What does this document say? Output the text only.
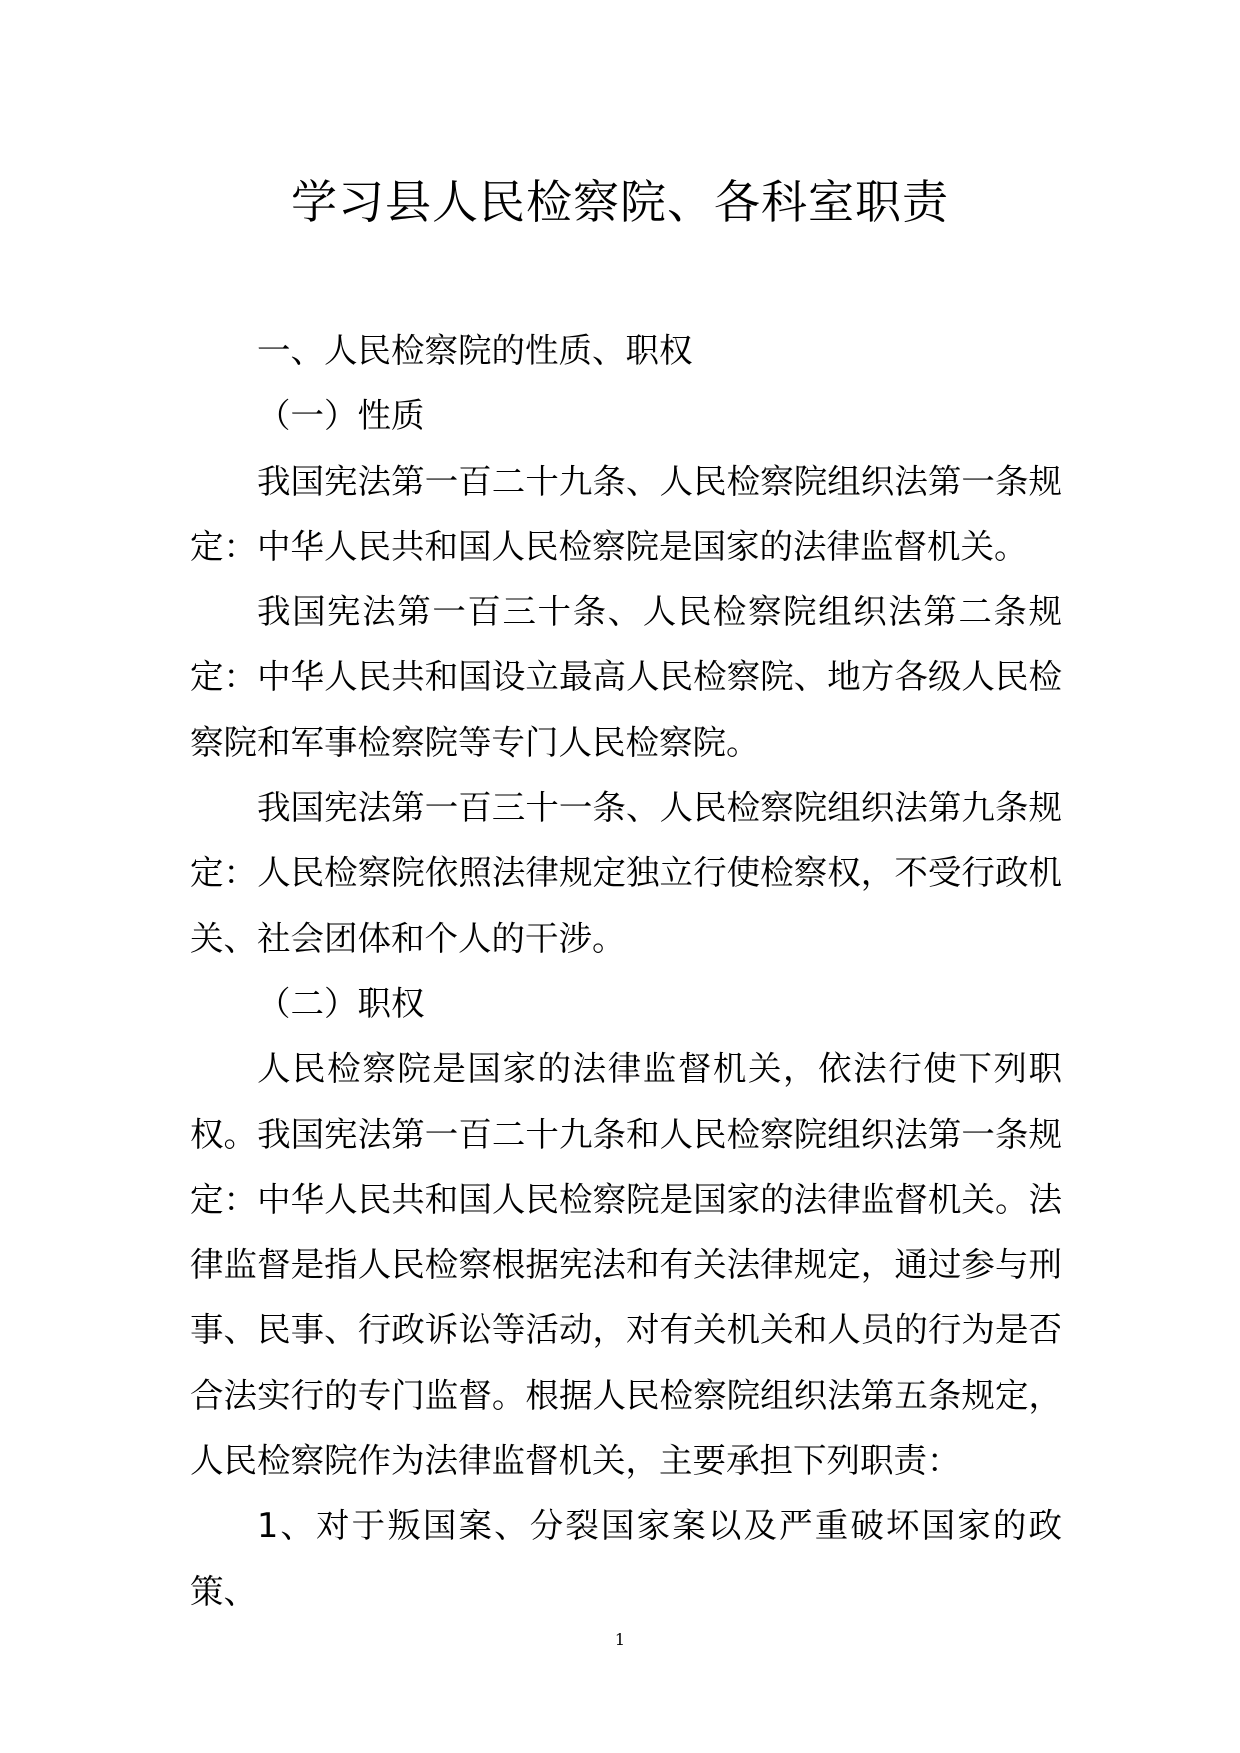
学习县人民检察院、各科室职责

一、人民检察院的性质、职权

（一）性质

我国宪法第一百二十九条、人民检察院组织法第一条规定：中华人民共和国人民检察院是国家的法律监督机关。

我国宪法第一百三十条、人民检察院组织法第二条规定：中华人民共和国设立最高人民检察院、地方各级人民检察院和军事检察院等专门人民检察院。

我国宪法第一百三十一条、人民检察院组织法第九条规定：人民检察院依照法律规定独立行使检察权，不受行政机关、社会团体和个人的干涉。

（二）职权

人民检察院是国家的法律监督机关，依法行使下列职权。我国宪法第一百二十九条和人民检察院组织法第一条规定：中华人民共和国人民检察院是国家的法律监督机关。法律监督是指人民检察根据宪法和有关法律规定，通过参与刑事、民事、行政诉讼等活动，对有关机关和人员的行为是否合法实行的专门监督。根据人民检察院组织法第五条规定，人民检察院作为法律监督机关，主要承担下列职责：

1、对于叛国案、分裂国家案以及严重破坏国家的政策、

1
